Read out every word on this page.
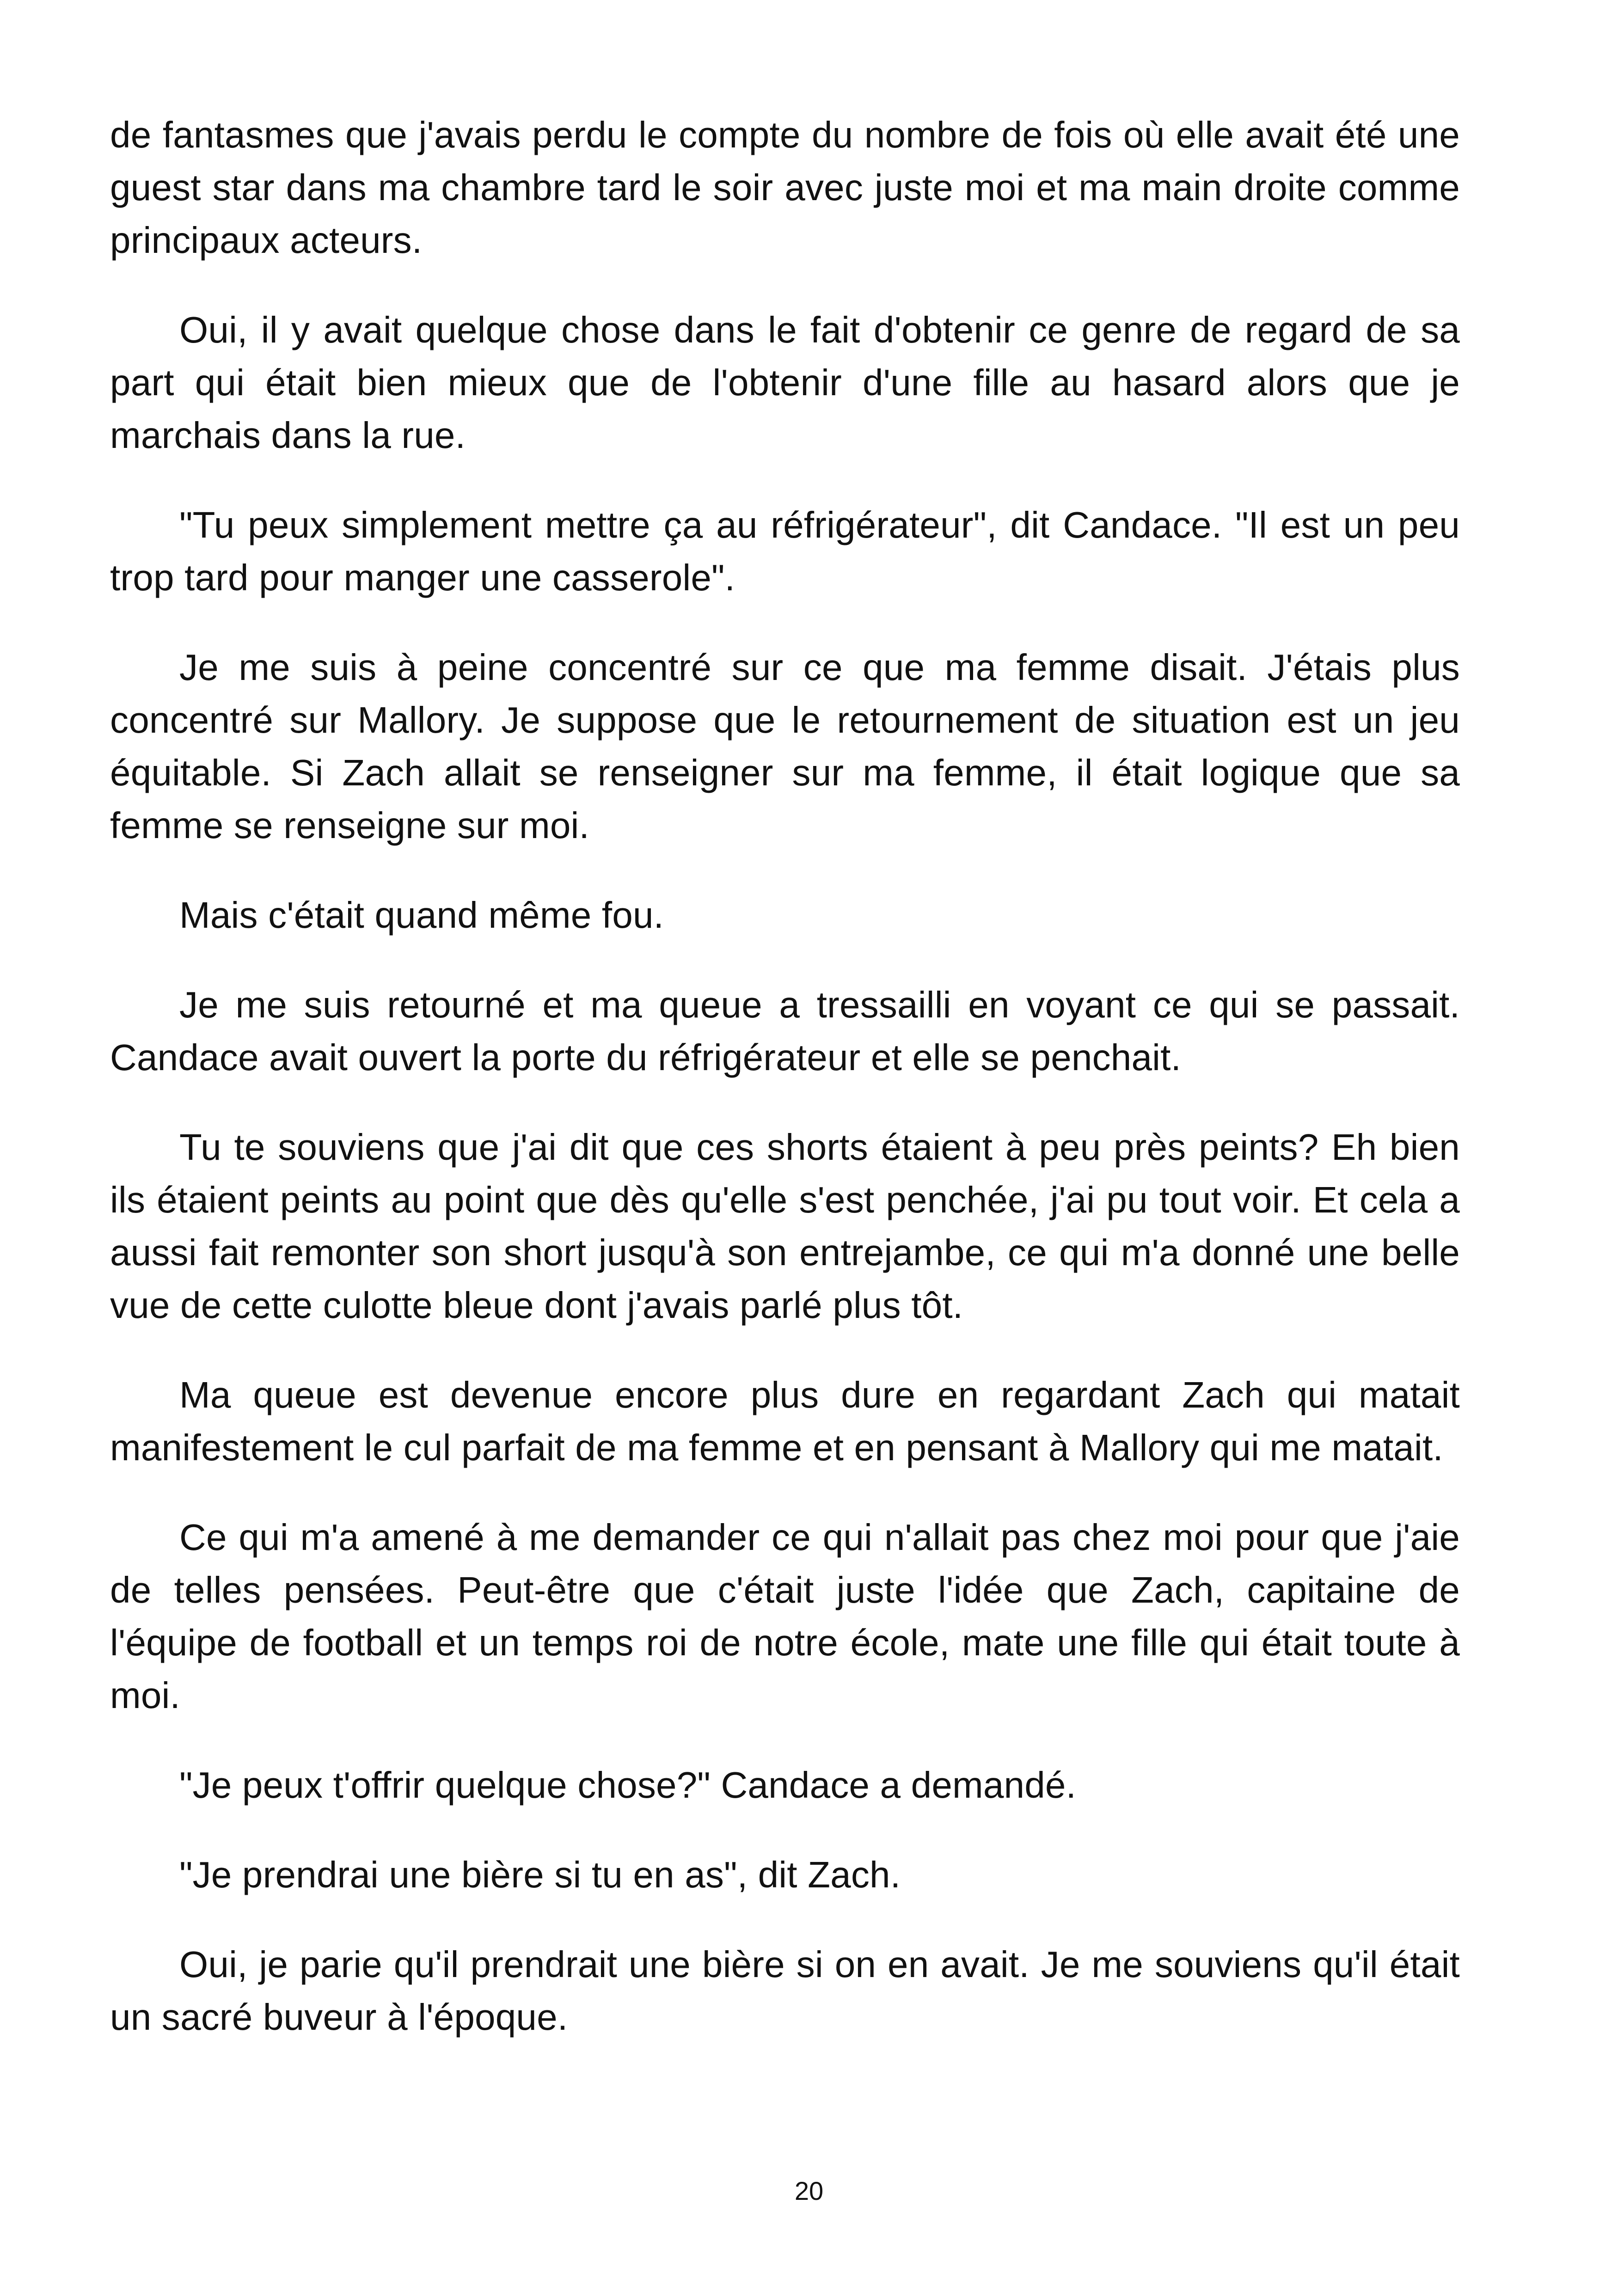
de fantasmes que j'avais perdu le compte du nombre de fois où elle avait été une guest star dans ma chambre tard le soir avec juste moi et ma main droite comme principaux acteurs.

Oui, il y avait quelque chose dans le fait d'obtenir ce genre de regard de sa part qui était bien mieux que de l'obtenir d'une fille au hasard alors que je marchais dans la rue.

"Tu peux simplement mettre ça au réfrigérateur", dit Candace. "Il est un peu trop tard pour manger une casserole".

Je me suis à peine concentré sur ce que ma femme disait. J'étais plus concentré sur Mallory. Je suppose que le retournement de situation est un jeu équitable. Si Zach allait se renseigner sur ma femme, il était logique que sa femme se renseigne sur moi.

Mais c'était quand même fou.

Je me suis retourné et ma queue a tressailli en voyant ce qui se passait. Candace avait ouvert la porte du réfrigérateur et elle se penchait.

Tu te souviens que j'ai dit que ces shorts étaient à peu près peints? Eh bien ils étaient peints au point que dès qu'elle s'est penchée, j'ai pu tout voir. Et cela a aussi fait remonter son short jusqu'à son entrejambe, ce qui m'a donné une belle vue de cette culotte bleue dont j'avais parlé plus tôt.

Ma queue est devenue encore plus dure en regardant Zach qui matait manifestement le cul parfait de ma femme et en pensant à Mallory qui me matait.

Ce qui m'a amené à me demander ce qui n'allait pas chez moi pour que j'aie de telles pensées. Peut-être que c'était juste l'idée que Zach, capitaine de l'équipe de football et un temps roi de notre école, mate une fille qui était toute à moi.

"Je peux t'offrir quelque chose?" Candace a demandé.

"Je prendrai une bière si tu en as", dit Zach.

Oui, je parie qu'il prendrait une bière si on en avait. Je me souviens qu'il était un sacré buveur à l'époque.

20
